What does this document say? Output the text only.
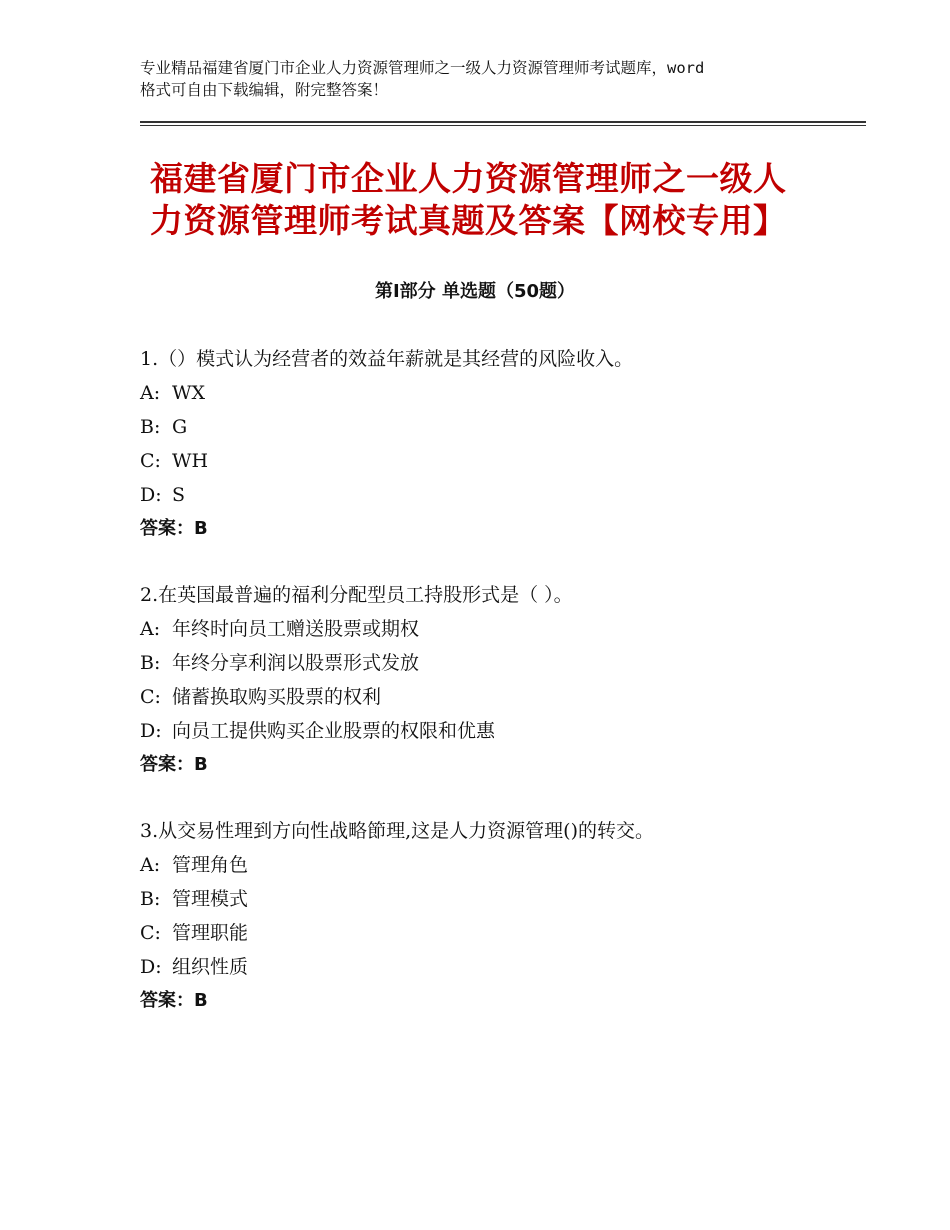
专业精品福建省厦门市企业人力资源管理师之一级人力资源管理师考试题库，word
格式可自由下载编辑，附完整答案！
福建省厦门市企业人力资源管理师之一级人
力资源管理师考试真题及答案【网校专用】
第Ⅰ部分 单选题（50题）
1.（）模式认为经营者的效益年薪就是其经营的风险收入。
A: WX
B: G
C: WH
D: S
答案：B
2.在英国最普遍的福利分配型员工持股形式是（ ）。
A: 年终时向员工赠送股票或期权
B: 年终分享利润以股票形式发放
C: 储蓄换取购买股票的权利
D: 向员工提供购买企业股票的权限和优惠
答案：B
3.从交易性理到方向性战略節理,这是人力资源管理()的转交。
A: 管理角色
B: 管理模式
C: 管理职能
D: 组织性质
答案：B
